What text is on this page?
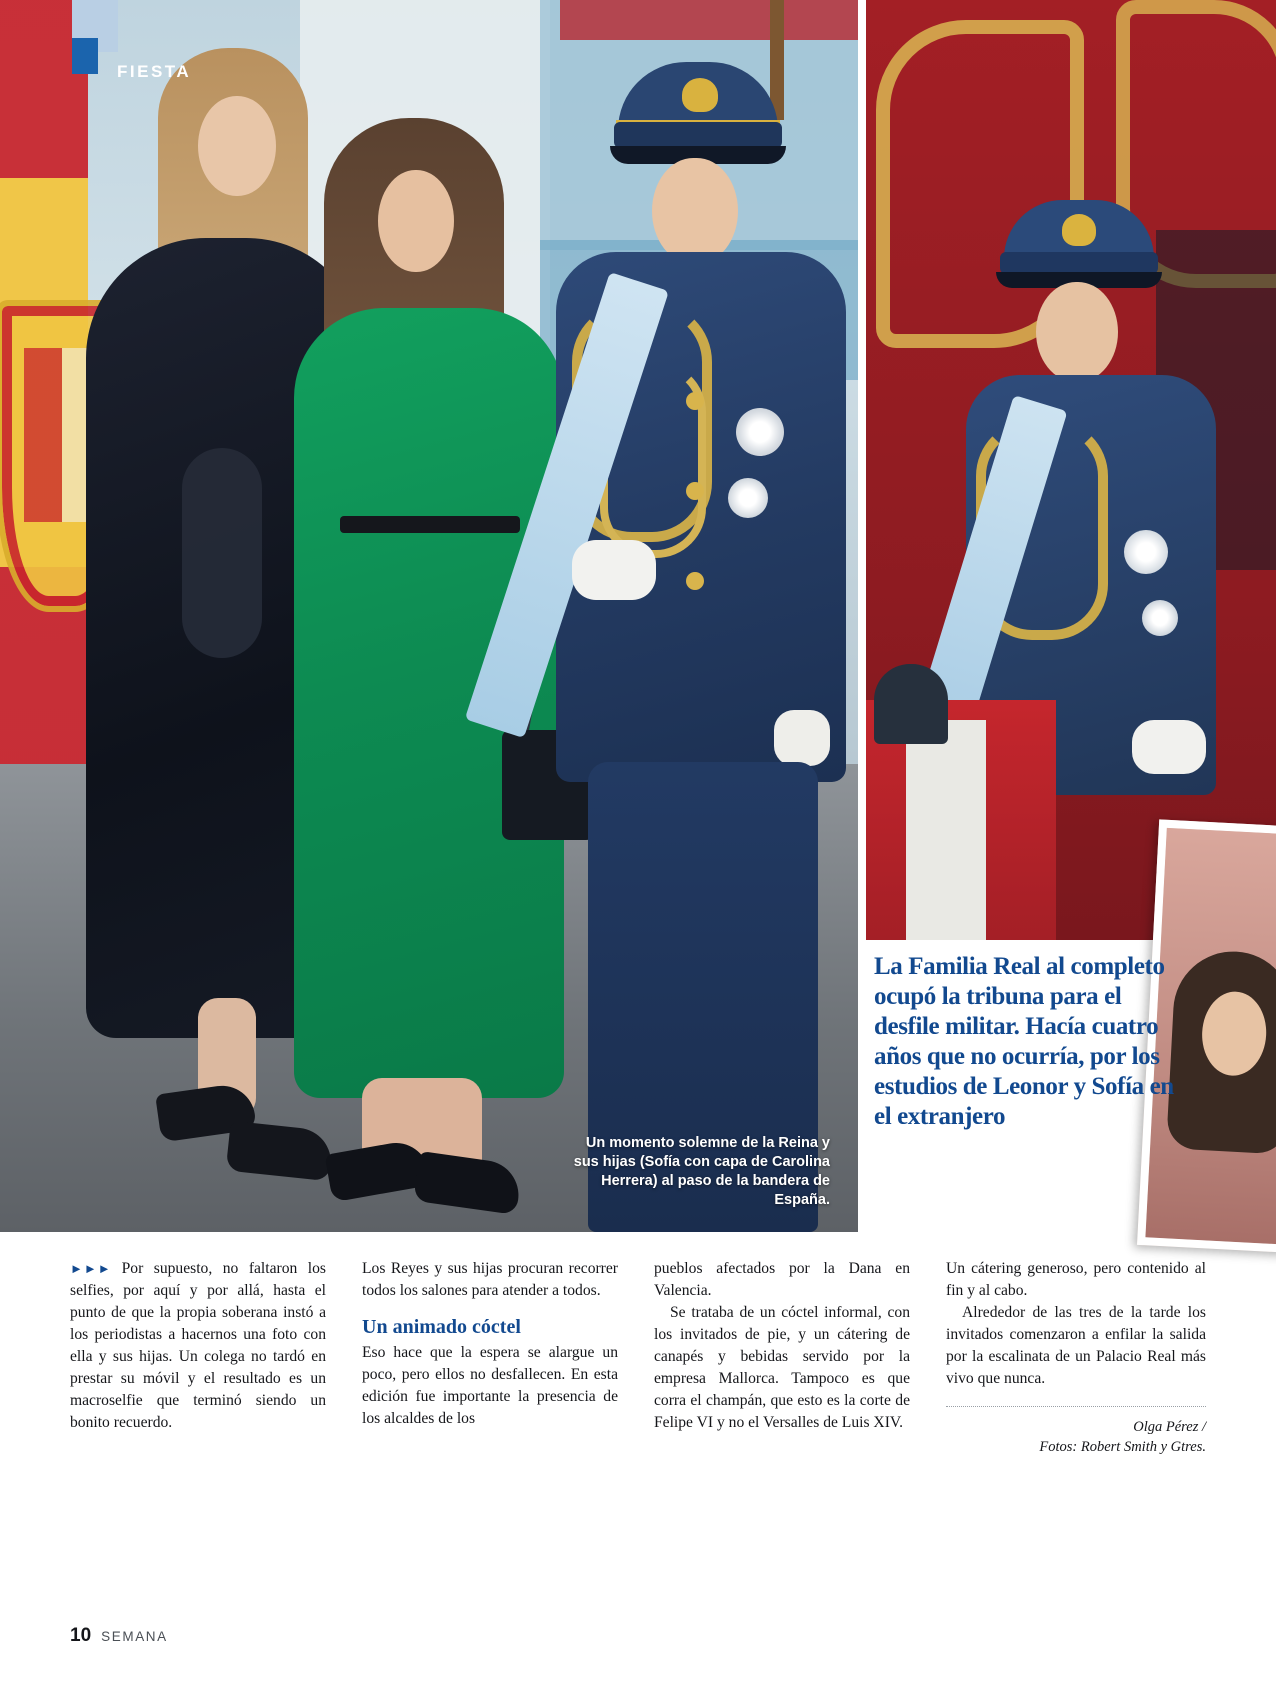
Un momento solemne de la Reina y sus hijas (Sofía con capa de Carolina Herrera) al paso de la bandera de España.
FIESTA
La Familia Real al completo ocupó la tribuna para el desfile militar. Hacía cuatro años que no ocurría, por los estudios de Leonor y Sofía en el extranjero

►►► Por supuesto, no faltaron los selfies, por aquí y por allá, hasta el punto de que la propia soberana instó a los periodistas a hacernos una foto con ella y sus hijas. Un colega no tardó en prestar su móvil y el resultado es un macroselfie que terminó siendo un bonito recuerdo.

Los Reyes y sus hijas procuran recorrer todos los salones para atender a todos.

Un animado cóctel

Eso hace que la espera se alargue un poco, pero ellos no desfallecen. En esta edición fue importante la presencia de los alcaldes de los

pueblos afectados por la Dana en Valencia.

Se trataba de un cóctel informal, con los invitados de pie, y un cátering de canapés y bebidas servido por la empresa Mallorca. Tampoco es que corra el champán, que esto es la corte de Felipe VI y no el Versalles de Luis XIV.

Un cátering generoso, pero contenido al fin y al cabo.

Alrededor de las tres de la tarde los invitados comenzaron a enfilar la salida por la escalinata de un Palacio Real más vivo que nunca.

Olga Pérez /
Fotos: Robert Smith y Gtres.
10 SEMANA
